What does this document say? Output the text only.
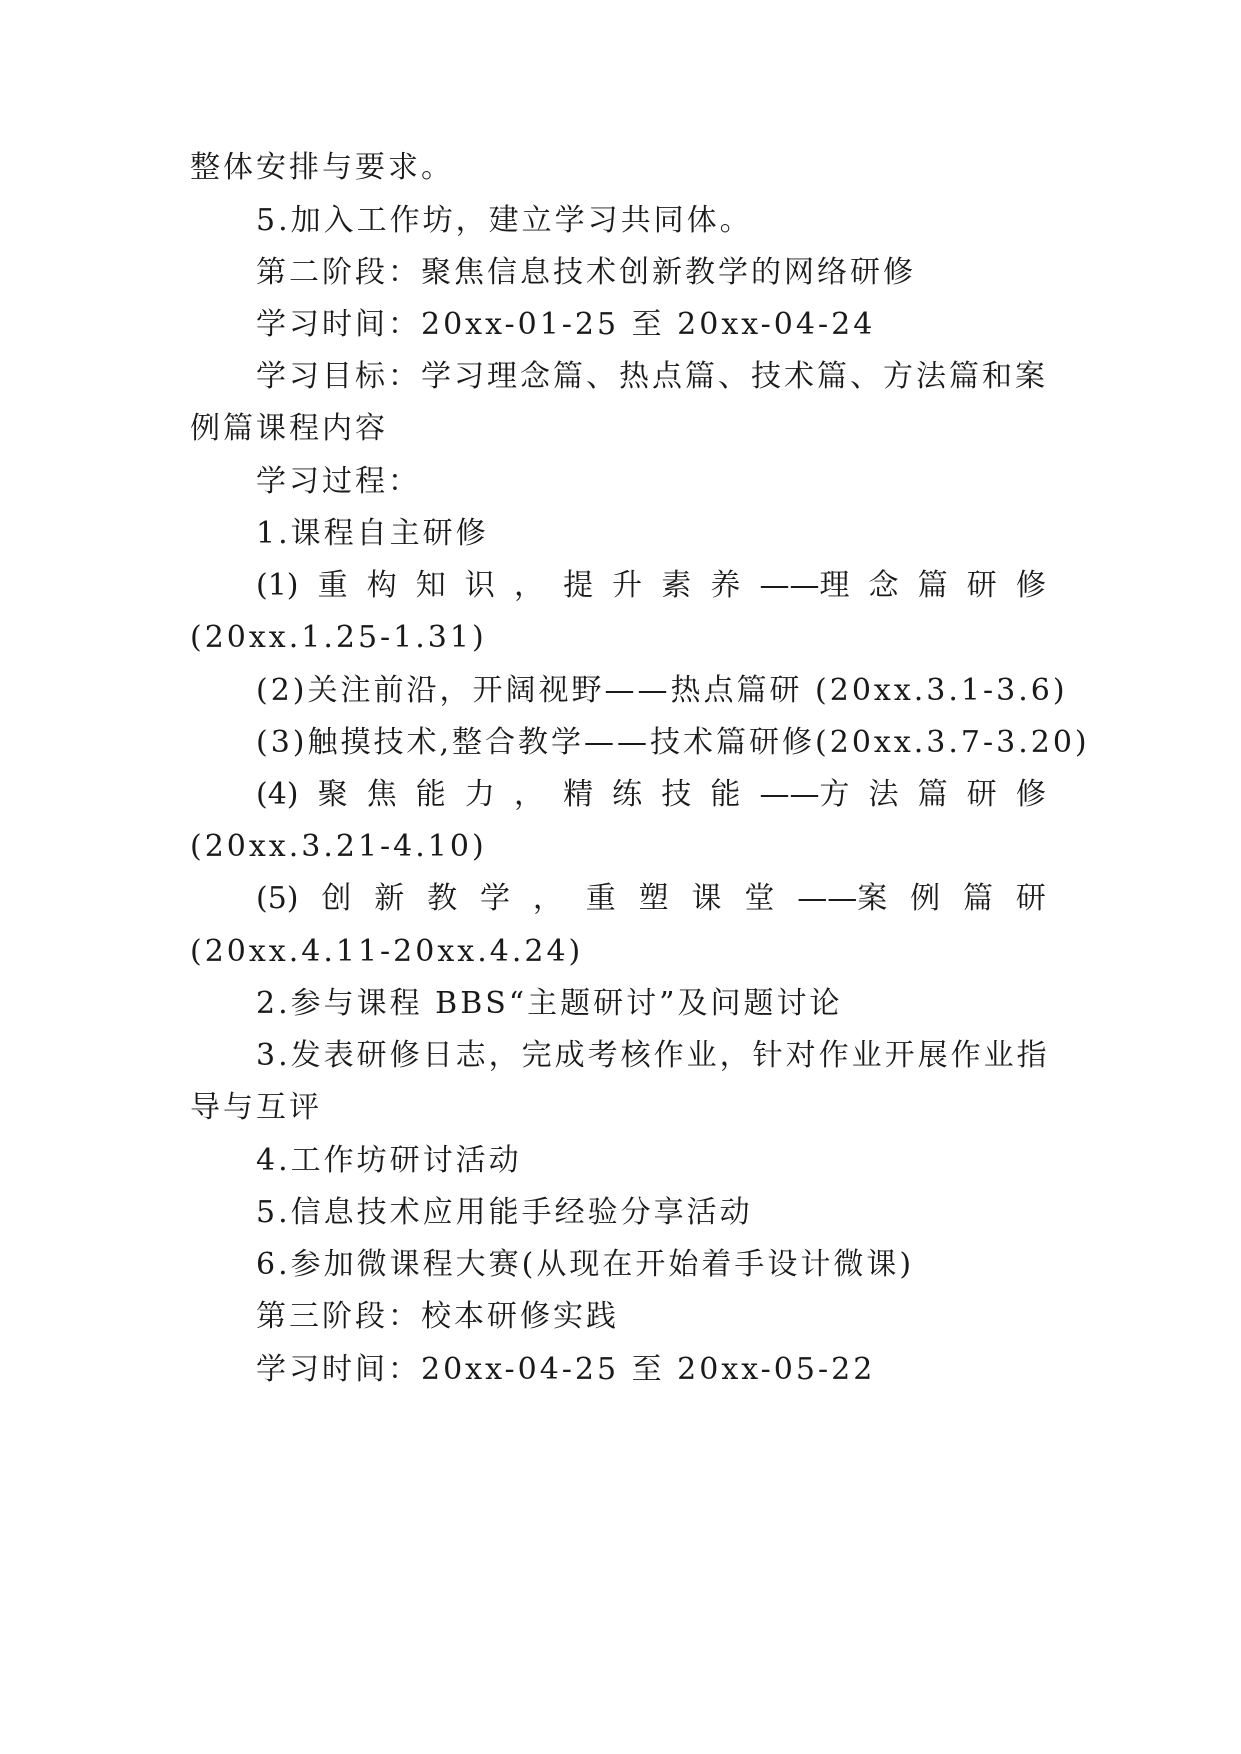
整体安排与要求。
5.加入工作坊，建立学习共同体。
第二阶段：聚焦信息技术创新教学的网络研修
学习时间：20xx-01-25 至 20xx-04-24
学习目标：学习理念篇、热点篇、技术篇、方法篇和案
例篇课程内容
学习过程：
1.课程自主研修
(1) 重 构 知 识 ， 提 升 素 养 ——理 念 篇 研 修
(20xx.1.25-1.31)
(2)关注前沿，开阔视野——热点篇研 (20xx.3.1-3.6)
(3)触摸技术,整合教学——技术篇研修(20xx.3.7-3.20)
(4) 聚 焦 能 力 ， 精 练 技 能 ——方 法 篇 研 修
(20xx.3.21-4.10)
(5) 创 新 教 学 ， 重 塑 课 堂 ——案 例 篇 研
(20xx.4.11-20xx.4.24)
2.参与课程 BBS“主题研讨”及问题讨论
3.发表研修日志，完成考核作业，针对作业开展作业指
导与互评
4.工作坊研讨活动
5.信息技术应用能手经验分享活动
6.参加微课程大赛(从现在开始着手设计微课)
第三阶段：校本研修实践
学习时间：20xx-04-25 至 20xx-05-22
